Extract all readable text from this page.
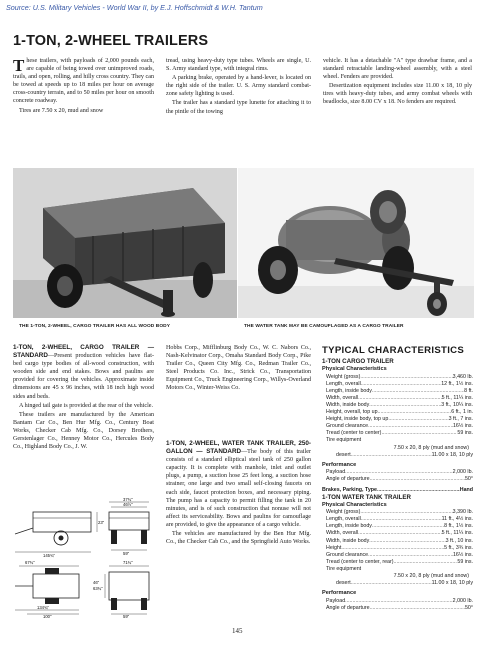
Source: U.S. Military Vehicles - World War II, by E.J. Hoffschmidt & W.H. Tantum
1-TON, 2-WHEEL TRAILERS

These trailers, with payloads of 2,000 pounds each, are capable of being towed over unimproved roads, trails, and open, rolling, and hilly cross country. They can be towed at speeds up to 18 miles per hour on average cross-country terrain, and to 50 miles per hour on smooth concrete roadway.

Tires are 7.50 x 20, mud and snow

tread, using heavy-duty type tubes. Wheels are single, U. S. Army standard type, with integral rims.

A parking brake, operated by a hand-lever, is located on the right side of the trailer. U. S. Army standard combat-zone safety lighting is used.

The trailer has a standard type lunette for attaching it to the pintle of the towing

vehicle. It has a detachable "A" type drawbar frame, and a standard retractable landing-wheel assembly, with a steel wheel. Fenders are provided.

Desertization equipment includes size 11.00 x 18, 10 ply tires with heavy-duty tubes, and army combat wheels with beadlocks, size 8.00 CV x 18. No fenders are required.

THE 1-TON, 2-WHEEL, CARGO TRAILER HAS ALL WOOD BODY	THE WATER TANK MAY BE CAMOUFLAGED AS A CARGO TRAILER

1-TON, 2-WHEEL, CARGO TRAILER —STANDARD—Present production vehicles have flat-bed cargo type bodies of all-wood construction, with wooden side and end stakes. Bows and paulins are provided for covering the vehicles. Approximate inside dimensions are 45 x 96 inches, with 18 inch high wood sides and beds.

A hinged tail gate is provided at the rear of the vehicle.

These trailers are manufactured by the American Bantam Car Co., Ben Hur Mfg. Co., Century Boat Works, Checker Cab Mfg. Co., Dorsey Brothers, Gerstenlager Co., Henney Motor Co., Hercules Body Co., Highland Body Co., J. W.

Hobbs Corp., Mifflinburg Body Co., W. C. Nabors Co., Nash-Kelvinator Corp., Omaha Standard Body Corp., Pike Trailer Co., Queen City Mfg. Co., Redman Trailer Co., Steel Products Co. Inc., Strick Co., Transportation Equipment Co., Truck Engineering Corp., Willys-Overland Motors Co., Winter-Weiss Co.

1-TON, 2-WHEEL, WATER TANK TRAILER, 250-GALLON — STANDARD—The body of this trailer consists of a standard elliptical steel tank of 250 gallon capacity. It is complete with manhole, inlet and outlet plugs, a pump, a suction hose 25 feet long, a suction hose strainer, one large and two small self-closing faucets on each side, faucet protection boxes, and necessary piping. The pump has a capacity to permit filling the tank in 20 minutes, and is of such construction that nonuse will not affect its serviceability. Bows and paulins for camouflage are provided, to give the appearance of a cargo vehicle.

The vehicles are manufactured by the Ben Hur Mfg. Co., the Checker Cab Co., and the Springfield Auto Works.

37¾"
46½"
23"
145¾"	59"
67¾"	71¾"
46"
63¾"
134¾"
100"	59"
TYPICAL CHARACTERISTICS
1-TON CARGO TRAILER
Physical Characteristics
Weight (gross) .....	3,460 lb.
Length, overall .....	12 ft., 1½ ins.
Length, inside body .....	8 ft.
Width, overall .....	5 ft., 11¼ ins.
Width, inside body .....	3 ft., 10¼ ins.
Height, overall, top up .....	6 ft., 1 in.
Height, inside body, top up .....	3 ft., 7 ins.
Ground clearance .....	16½ ins.
Tread (center to center) .....	59 ins.
Tire equipment
7.50 x 20, 8 ply (mud and snow)
desert .....	11.00 x 18, 10 ply
Performance
Payload .....	2,000 lb.
Angle of departure .....	50°
Brakes, Parking, Type .....	Hand
1-TON WATER TANK TRAILER
Physical Characteristics
Weight (gross) .....	3,390 lb.
Length, overall .....	11 ft., 4½ ins.
Length, inside body .....	8 ft., 1½ ins.
Width, overall .....	5 ft., 11¼ ins.
Width, inside body .....	3 ft., 10 ins.
Height .....	5 ft., 3¾ ins.
Ground clearance .....	16½ ins.
Tread (center to center, rear) .....	59 ins.
Tire equipment
7.50 x 20, 8 ply (mud and snow)
desert .....	11.00 x 18, 10 ply
Performance
Payload .....	2,000 lb.
Angle of departure .....	50°
145
